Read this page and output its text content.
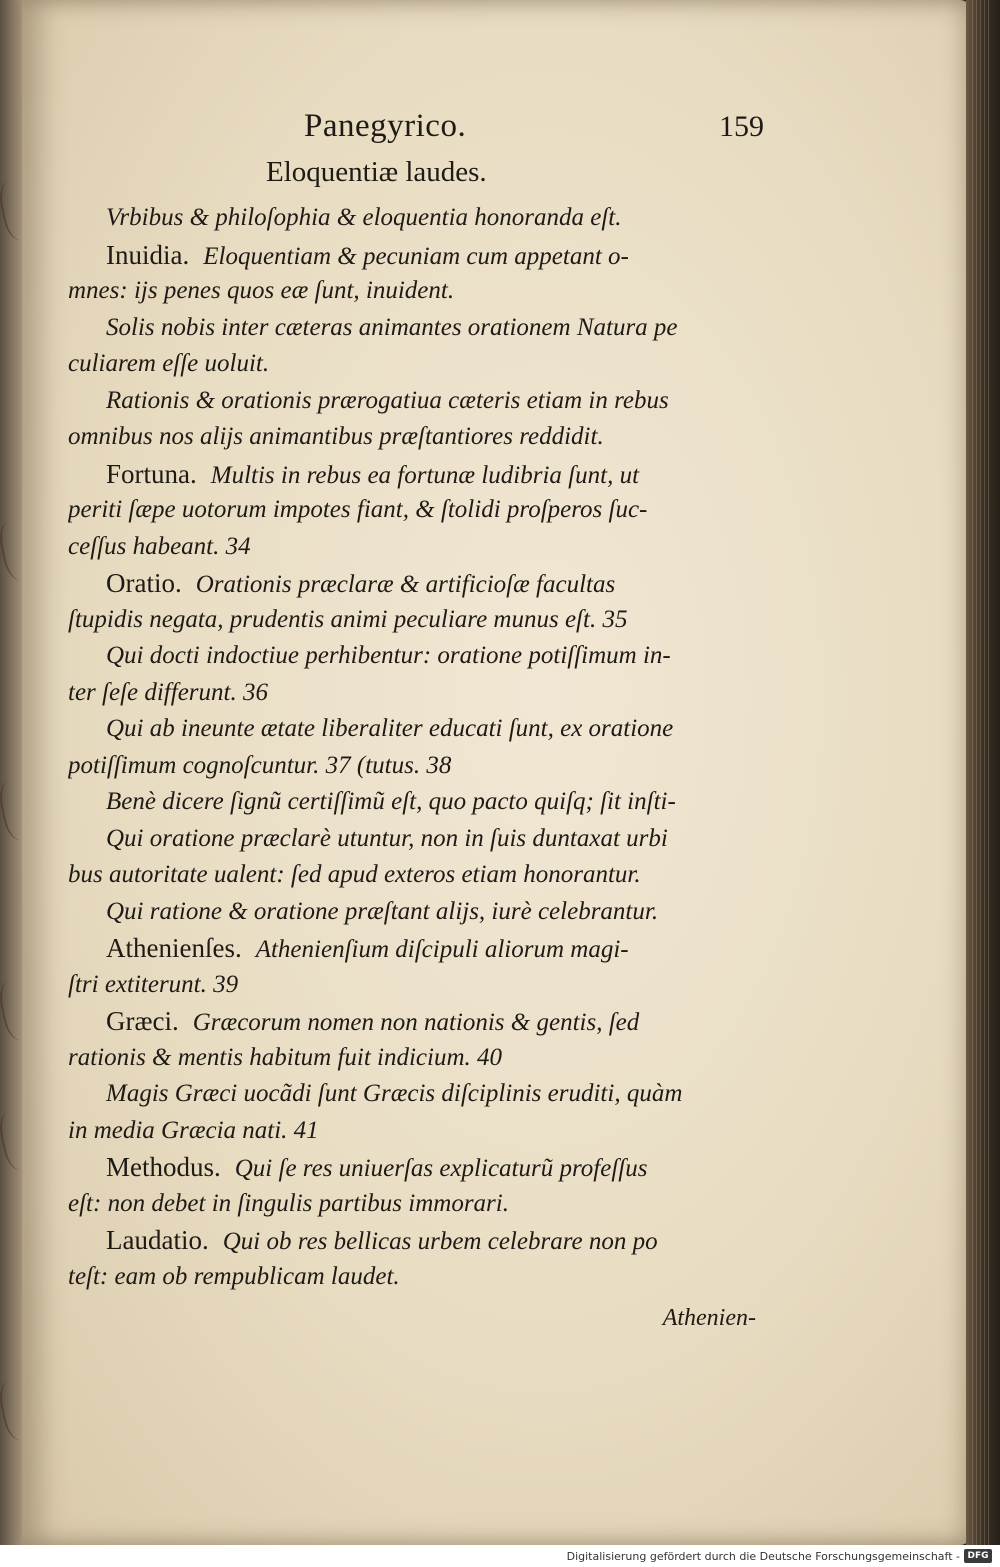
Panegyrico.	159
Eloquentiæ laudes.
Vrbibus & philoſophia & eloquentia honoranda eſt.
Inuidia. Eloquentiam & pecuniam cum appetant o-
mnes: ijs penes quos eæ ſunt, inuident.
Solis nobis inter cæteras animantes orationem Natura pe
culiarem eſſe uoluit.
Rationis & orationis prærogatiua cæteris etiam in rebus
omnibus nos alijs animantibus præſtantiores reddidit.
Fortuna. Multis in rebus ea fortunæ ludibria ſunt, ut
periti ſæpe uotorum impotes fiant, & ſtolidi proſperos ſuc-
ceſſus habeant. 34
Oratio. Orationis præclaræ & artificioſæ facultas
ſtupidis negata, prudentis animi peculiare munus eſt. 35
Qui docti indoctiue perhibentur: oratione potiſſimum in-
ter ſeſe differunt. 36
Qui ab ineunte ætate liberaliter educati ſunt, ex oratione
potiſſimum cognoſcuntur. 37 (tutus. 38
Benè dicere ſignũ certiſſimũ eſt, quo pacto quiſq; ſit inſti-
Qui oratione præclarè utuntur, non in ſuis duntaxat urbi
bus autoritate ualent: ſed apud exteros etiam honorantur.
Qui ratione & oratione præſtant alijs, iurè celebrantur.
Athenienſes. Athenienſium diſcipuli aliorum magi-
ſtri extiterunt. 39
Græci. Græcorum nomen non nationis & gentis, ſed
rationis & mentis habitum fuit indicium. 40
Magis Græci uocãdi ſunt Græcis diſciplinis eruditi, quàm
in media Græcia nati. 41
Methodus. Qui ſe res uniuerſas explicaturũ profeſſus
eſt: non debet in ſingulis partibus immorari.
Laudatio. Qui ob res bellicas urbem celebrare non po
teſt: eam ob rempublicam laudet.
Athenien-
Digitalisierung gefördert durch die Deutsche Forschungsgemeinschaft - DFG
